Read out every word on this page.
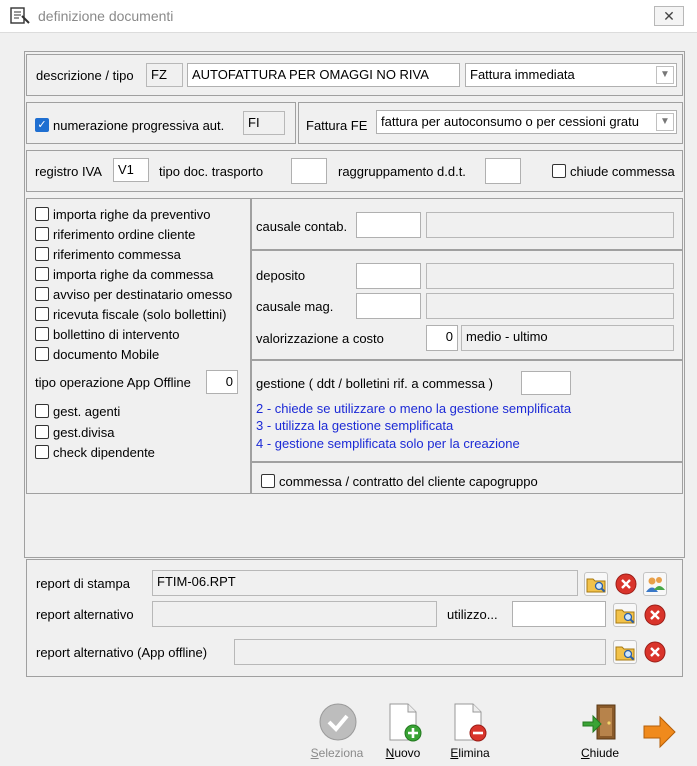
definizione documenti	✕
descrizione / tipo	FZ	AUTOFATTURA PER OMAGGI NO RIVA	Fattura immediata	▼
✓ numerazione progressiva aut.	FI	Fattura FE	fattura per autoconsumo o per cessioni gratu	▼
registro IVA	V1	tipo doc. trasporto	raggruppamento d.d.t.	chiude commessa
importa righe da preventivo
riferimento ordine cliente
riferimento commessa
importa righe da commessa
avviso per destinatario omesso
ricevuta fiscale (solo bollettini)
bollettino di intervento
documento Mobile
tipo operazione App Offline	0
gest. agenti
gest.divisa
check dipendente
causale contab.
deposito
causale mag.
valorizzazione a costo	0	medio - ultimo
gestione ( ddt / bolletini rif. a commessa )
2 - chiede se utilizzare o meno la gestione semplificata
3 - utilizza la gestione semplificata
4 - gestione semplificata solo per la creazione
commessa / contratto del cliente capogruppo
report di stampa	FTIM-06.RPT
report alternativo	utilizzo...
report alternativo (App offline)
Seleziona	Nuovo	Elimina	Chiude
